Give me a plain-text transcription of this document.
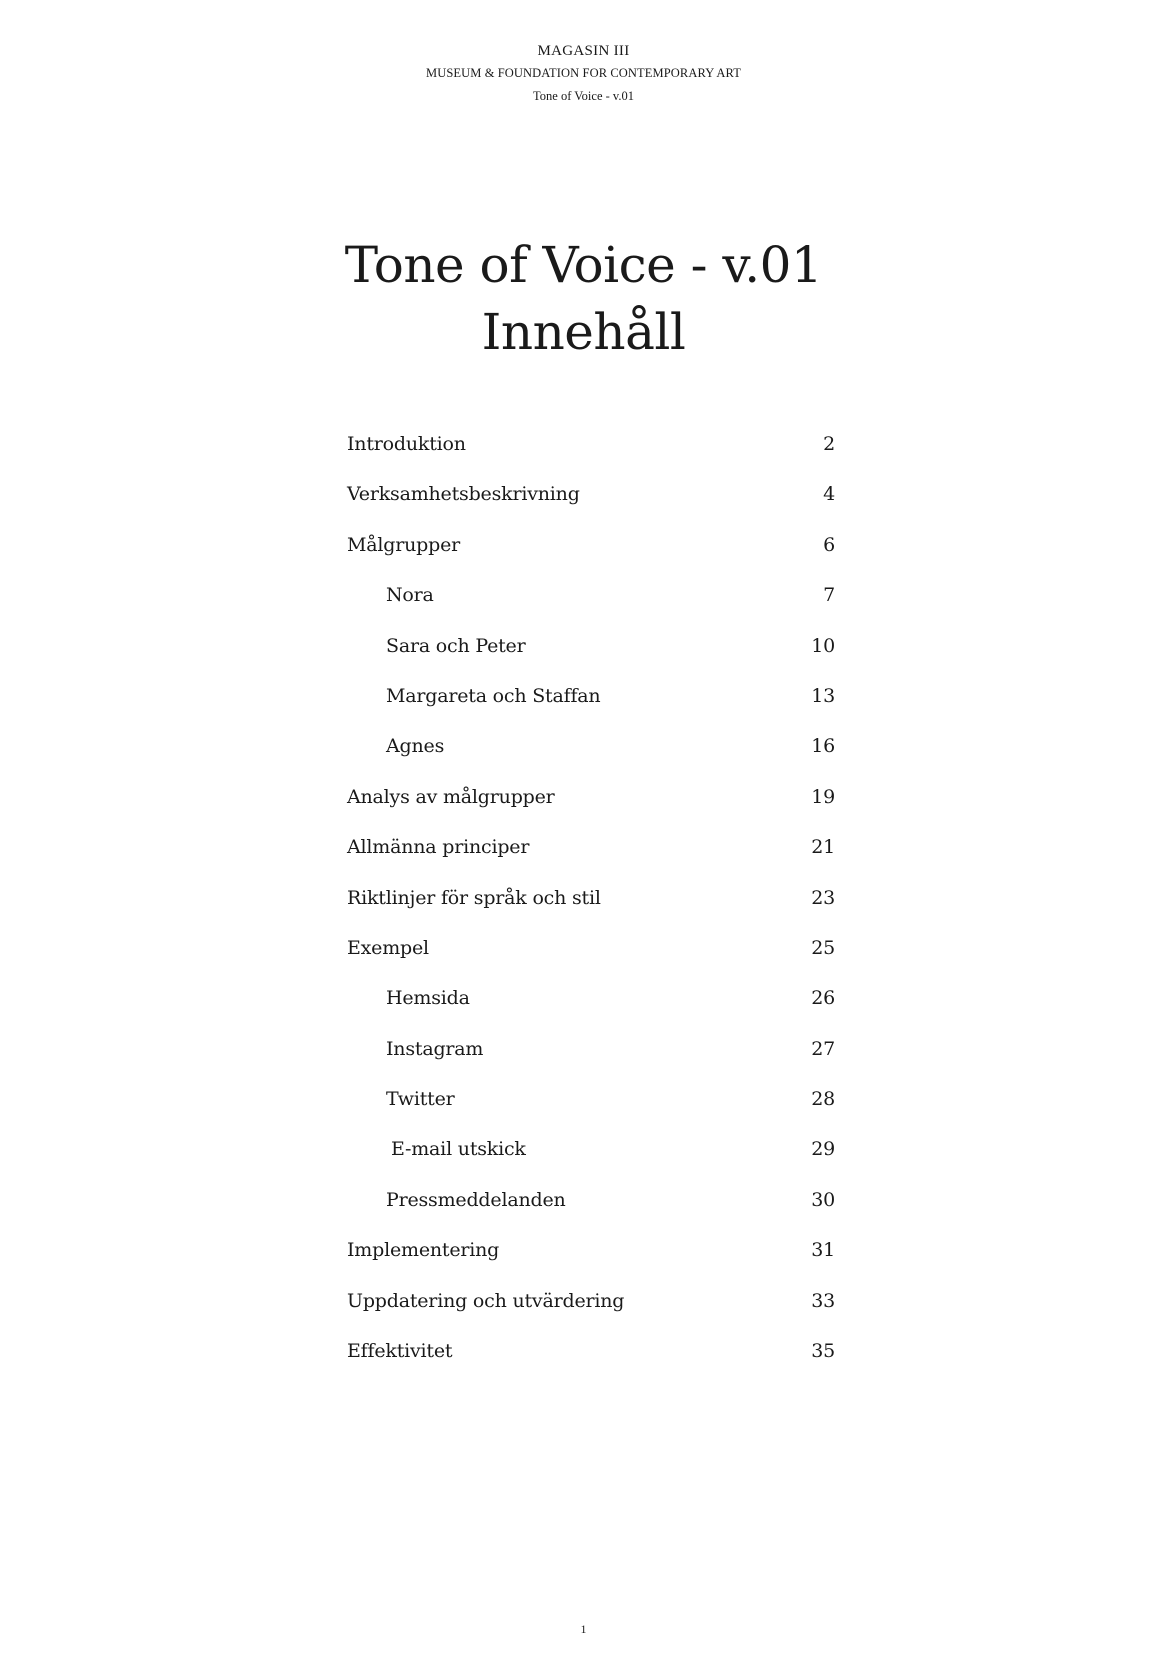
MAGASIN III
MUSEUM & FOUNDATION FOR CONTEMPORARY ART
Tone of Voice - v.01
Tone of Voice - v.01
Innehåll
Introduktion	2
Verksamhetsbeskrivning	4
Målgrupper	6
Nora	7
Sara och Peter	10
Margareta och Staffan	13
Agnes	16
Analys av målgrupper	19
Allmänna principer	21
Riktlinjer för språk och stil	23
Exempel	25
Hemsida	26
Instagram	27
Twitter	28
E-mail utskick	29
Pressmeddelanden	30
Implementering	31
Uppdatering och utvärdering	33
Effektivitet	35
1
